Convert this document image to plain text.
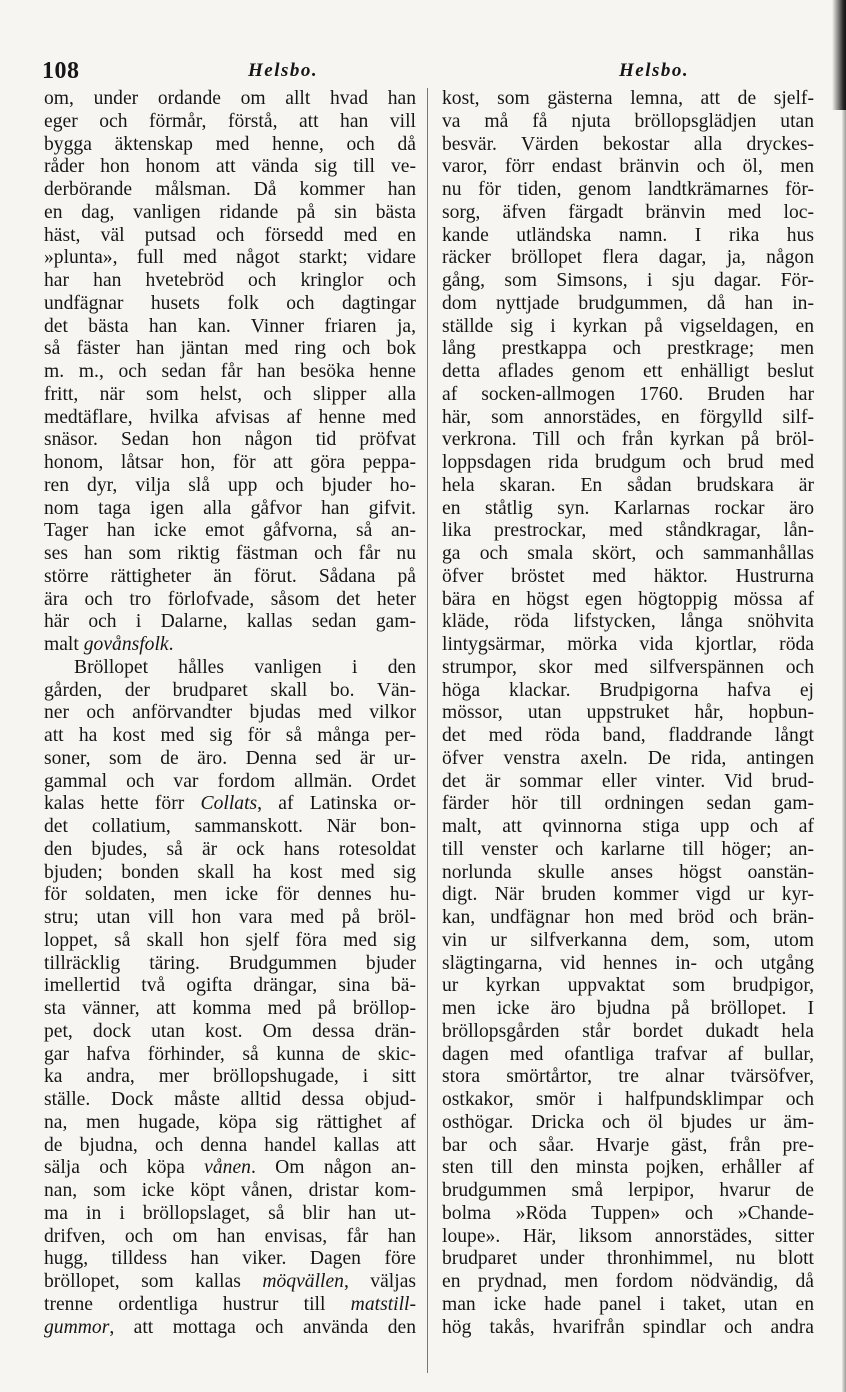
108	Helsbo.	Helsbo.
om, under ordande om allt hvad han
eger och förmår, förstå, att han vill
bygga äktenskap med henne, och då
råder hon honom att vända sig till ve-
derbörande målsman. Då kommer han
en dag, vanligen ridande på sin bästa
häst, väl putsad och försedd med en
»plunta», full med något starkt; vidare
har han hvetebröd och kringlor och
undfägnar husets folk och dagtingar
det bästa han kan. Vinner friaren ja,
så fäster han jäntan med ring och bok
m. m., och sedan får han besöka henne
fritt, när som helst, och slipper alla
medtäflare, hvilka afvisas af henne med
snäsor. Sedan hon någon tid pröfvat
honom, låtsar hon, för att göra peppa-
ren dyr, vilja slå upp och bjuder ho-
nom taga igen alla gåfvor han gifvit.
Tager han icke emot gåfvorna, så an-
ses han som riktig fästman och får nu
större rättigheter än förut. Sådana på
ära och tro förlofvade, såsom det heter
här och i Dalarne, kallas sedan gam-
malt govånsfolk.
Bröllopet hålles vanligen i den
gården, der brudparet skall bo. Vän-
ner och anförvandter bjudas med vilkor
att ha kost med sig för så många per-
soner, som de äro. Denna sed är ur-
gammal och var fordom allmän. Ordet
kalas hette förr Collats, af Latinska or-
det collatium, sammanskott. När bon-
den bjudes, så är ock hans rotesoldat
bjuden; bonden skall ha kost med sig
för soldaten, men icke för dennes hu-
stru; utan vill hon vara med på bröl-
loppet, så skall hon sjelf föra med sig
tillräcklig täring. Brudgummen bjuder
imellertid två ogifta drängar, sina bä-
sta vänner, att komma med på bröllop-
pet, dock utan kost. Om dessa drän-
gar hafva förhinder, så kunna de skic-
ka andra, mer bröllopshugade, i sitt
ställe. Dock måste alltid dessa objud-
na, men hugade, köpa sig rättighet af
de bjudna, och denna handel kallas att
sälja och köpa vånen. Om någon an-
nan, som icke köpt vånen, dristar kom-
ma in i bröllopslaget, så blir han ut-
drifven, och om han envisas, får han
hugg, tilldess han viker. Dagen före
bröllopet, som kallas möqvällen, väljas
trenne ordentliga hustrur till matstill-
gummor, att mottaga och använda den
kost, som gästerna lemna, att de sjelf-
va må få njuta bröllopsglädjen utan
besvär. Värden bekostar alla dryckes-
varor, förr endast bränvin och öl, men
nu för tiden, genom landtkrämarnes för-
sorg, äfven färgadt bränvin med loc-
kande utländska namn. I rika hus
räcker bröllopet flera dagar, ja, någon
gång, som Simsons, i sju dagar. För-
dom nyttjade brudgummen, då han in-
ställde sig i kyrkan på vigseldagen, en
lång prestkappa och prestkrage; men
detta aflades genom ett enhälligt beslut
af socken-allmogen 1760. Bruden har
här, som annorstädes, en förgylld silf-
verkrona. Till och från kyrkan på bröl-
loppsdagen rida brudgum och brud med
hela skaran. En sådan brudskara är
en ståtlig syn. Karlarnas rockar äro
lika prestrockar, med ståndkragar, lån-
ga och smala skört, och sammanhållas
öfver bröstet med häktor. Hustrurna
bära en högst egen högtoppig mössa af
kläde, röda lifstycken, långa snöhvita
lintygsärmar, mörka vida kjortlar, röda
strumpor, skor med silfverspännen och
höga klackar. Brudpigorna hafva ej
mössor, utan uppstruket hår, hopbun-
det med röda band, fladdrande långt
öfver venstra axeln. De rida, antingen
det är sommar eller vinter. Vid brud-
färder hör till ordningen sedan gam-
malt, att qvinnorna stiga upp och af
till venster och karlarne till höger; an-
norlunda skulle anses högst oanstän-
digt. När bruden kommer vigd ur kyr-
kan, undfägnar hon med bröd och brän-
vin ur silfverkanna dem, som, utom
slägtingarna, vid hennes in- och utgång
ur kyrkan uppvaktat som brudpigor,
men icke äro bjudna på bröllopet. I
bröllopsgården står bordet dukadt hela
dagen med ofantliga trafvar af bullar,
stora smörtårtor, tre alnar tvärsöfver,
ostkakor, smör i halfpundsklimpar och
osthögar. Dricka och öl bjudes ur äm-
bar och såar. Hvarje gäst, från pre-
sten till den minsta pojken, erhåller af
brudgummen små lerpipor, hvarur de
bolma »Röda Tuppen» och »Chande-
loupe». Här, liksom annorstädes, sitter
brudparet under thronhimmel, nu blott
en prydnad, men fordom nödvändig, då
man icke hade panel i taket, utan en
hög takås, hvarifrån spindlar och andra
